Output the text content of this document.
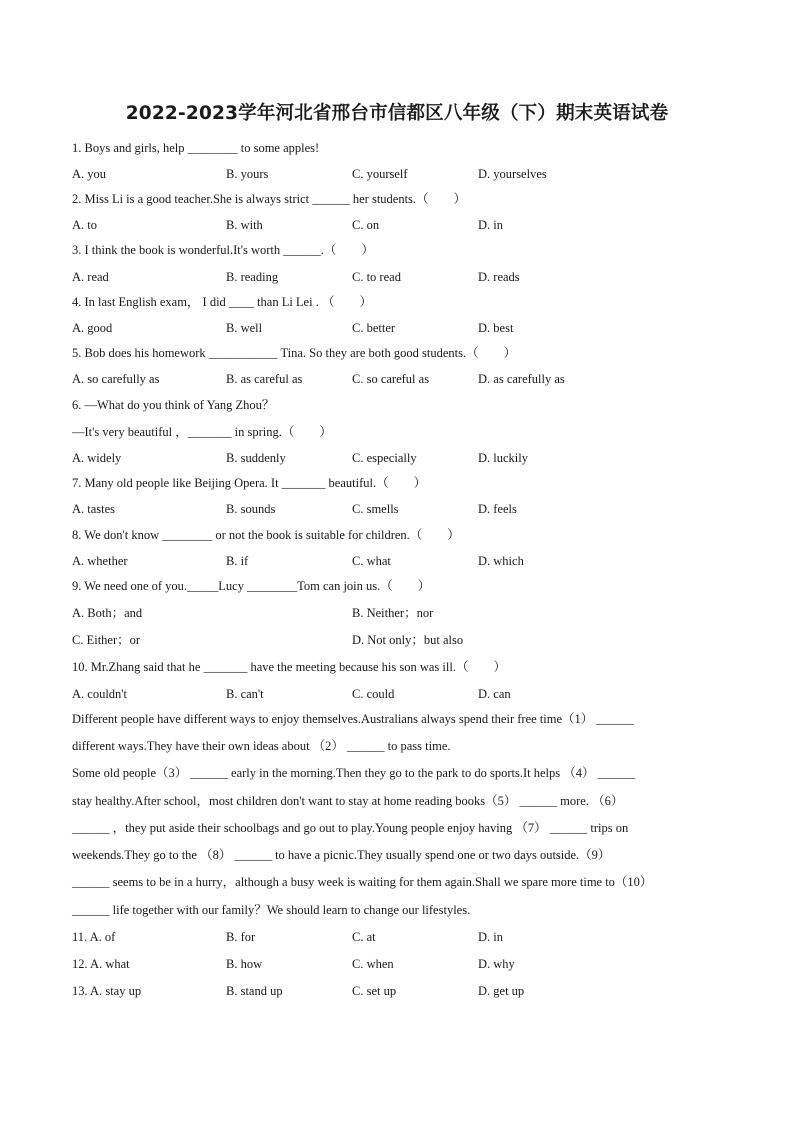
2022-2023学年河北省邢台市信都区八年级（下）期末英语试卷
1. Boys and girls, help ________ to some apples!
A. you	B. yours	C. yourself	D. yourselves
2. Miss Li is a good teacher.She is always strict ______ her students.（　　）
A. to	B. with	C. on	D. in
3. I think the book is wonderful.It's worth ______.（　　）
A. read	B. reading	C. to read	D. reads
4. In last English exam， I did ____ than Li Lei . （　　）
A. good	B. well	C. better	D. best
5. Bob does his homework ___________ Tina. So they are both good students.（　　）
A. so carefully as	B. as careful as	C. so careful as	D. as carefully as
6. —What do you think of Yang Zhou？
—It's very beautiful ，_______ in spring.（　　）
A. widely	B. suddenly	C. especially	D. luckily
7. Many old people like Beijing Opera. It _______ beautiful.（　　）
A. tastes	B. sounds	C. smells	D. feels
8. We don't know ________ or not the book is suitable for children.（　　）
A. whether	B. if	C. what	D. which
9. We need one of you._____Lucy ________Tom can join us.（　　）
A. Both；and	B. Neither；nor
C. Either；or	D. Not only；but also
10. Mr.Zhang said that he _______ have the meeting because his son was ill.（　　）
A. couldn't	B. can't	C. could	D. can
Different people have different ways to enjoy themselves.Australians always spend their free time（1） ______
different ways.They have their own ideas about （2） ______ to pass time.
Some old people（3） ______ early in the morning.Then they go to the park to do sports.It helps （4） ______
stay healthy.After school，most children don't want to stay at home reading books（5） ______ more. （6）
______ ，they put aside their schoolbags and go out to play.Young people enjoy having （7） ______ trips on
weekends.They go to the （8） ______ to have a picnic.They usually spend one or two days outside.（9）
______ seems to be in a hurry，although a busy week is waiting for them again.Shall we spare more time to（10）
______ life together with our family？We should learn to change our lifestyles.
11. A. of	B. for	C. at	D. in
12. A. what	B. how	C. when	D. why
13. A. stay up	B. stand up	C. set up	D. get up
